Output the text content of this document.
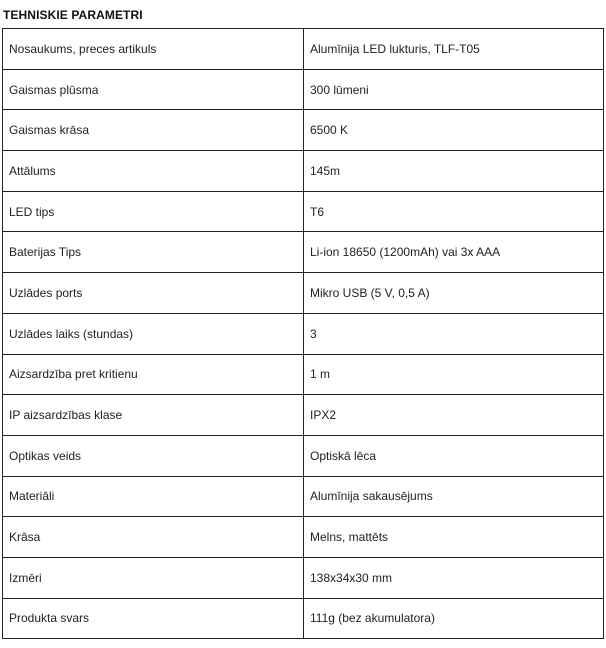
TEHNISKIE PARAMETRI
Nosaukums, preces artikuls	Alumīnija LED lukturis, TLF-T05
Gaismas plūsma	300 lūmeni
Gaismas krāsa	6500 K
Attālums	145m
LED tips	T6
Baterijas Tips	Li-ion 18650 (1200mAh) vai 3x AAA
Uzlādes ports	Mikro USB (5 V, 0,5 A)
Uzlādes laiks (stundas)	3
Aizsardzība pret kritienu	1 m
IP aizsardzības klase	IPX2
Optikas veids	Optiskā lēca
Materiāli	Alumīnija sakausējums
Krāsa	Melns, mattēts
Izmēri	138x34x30 mm
Produkta svars	111g (bez akumulatora)
